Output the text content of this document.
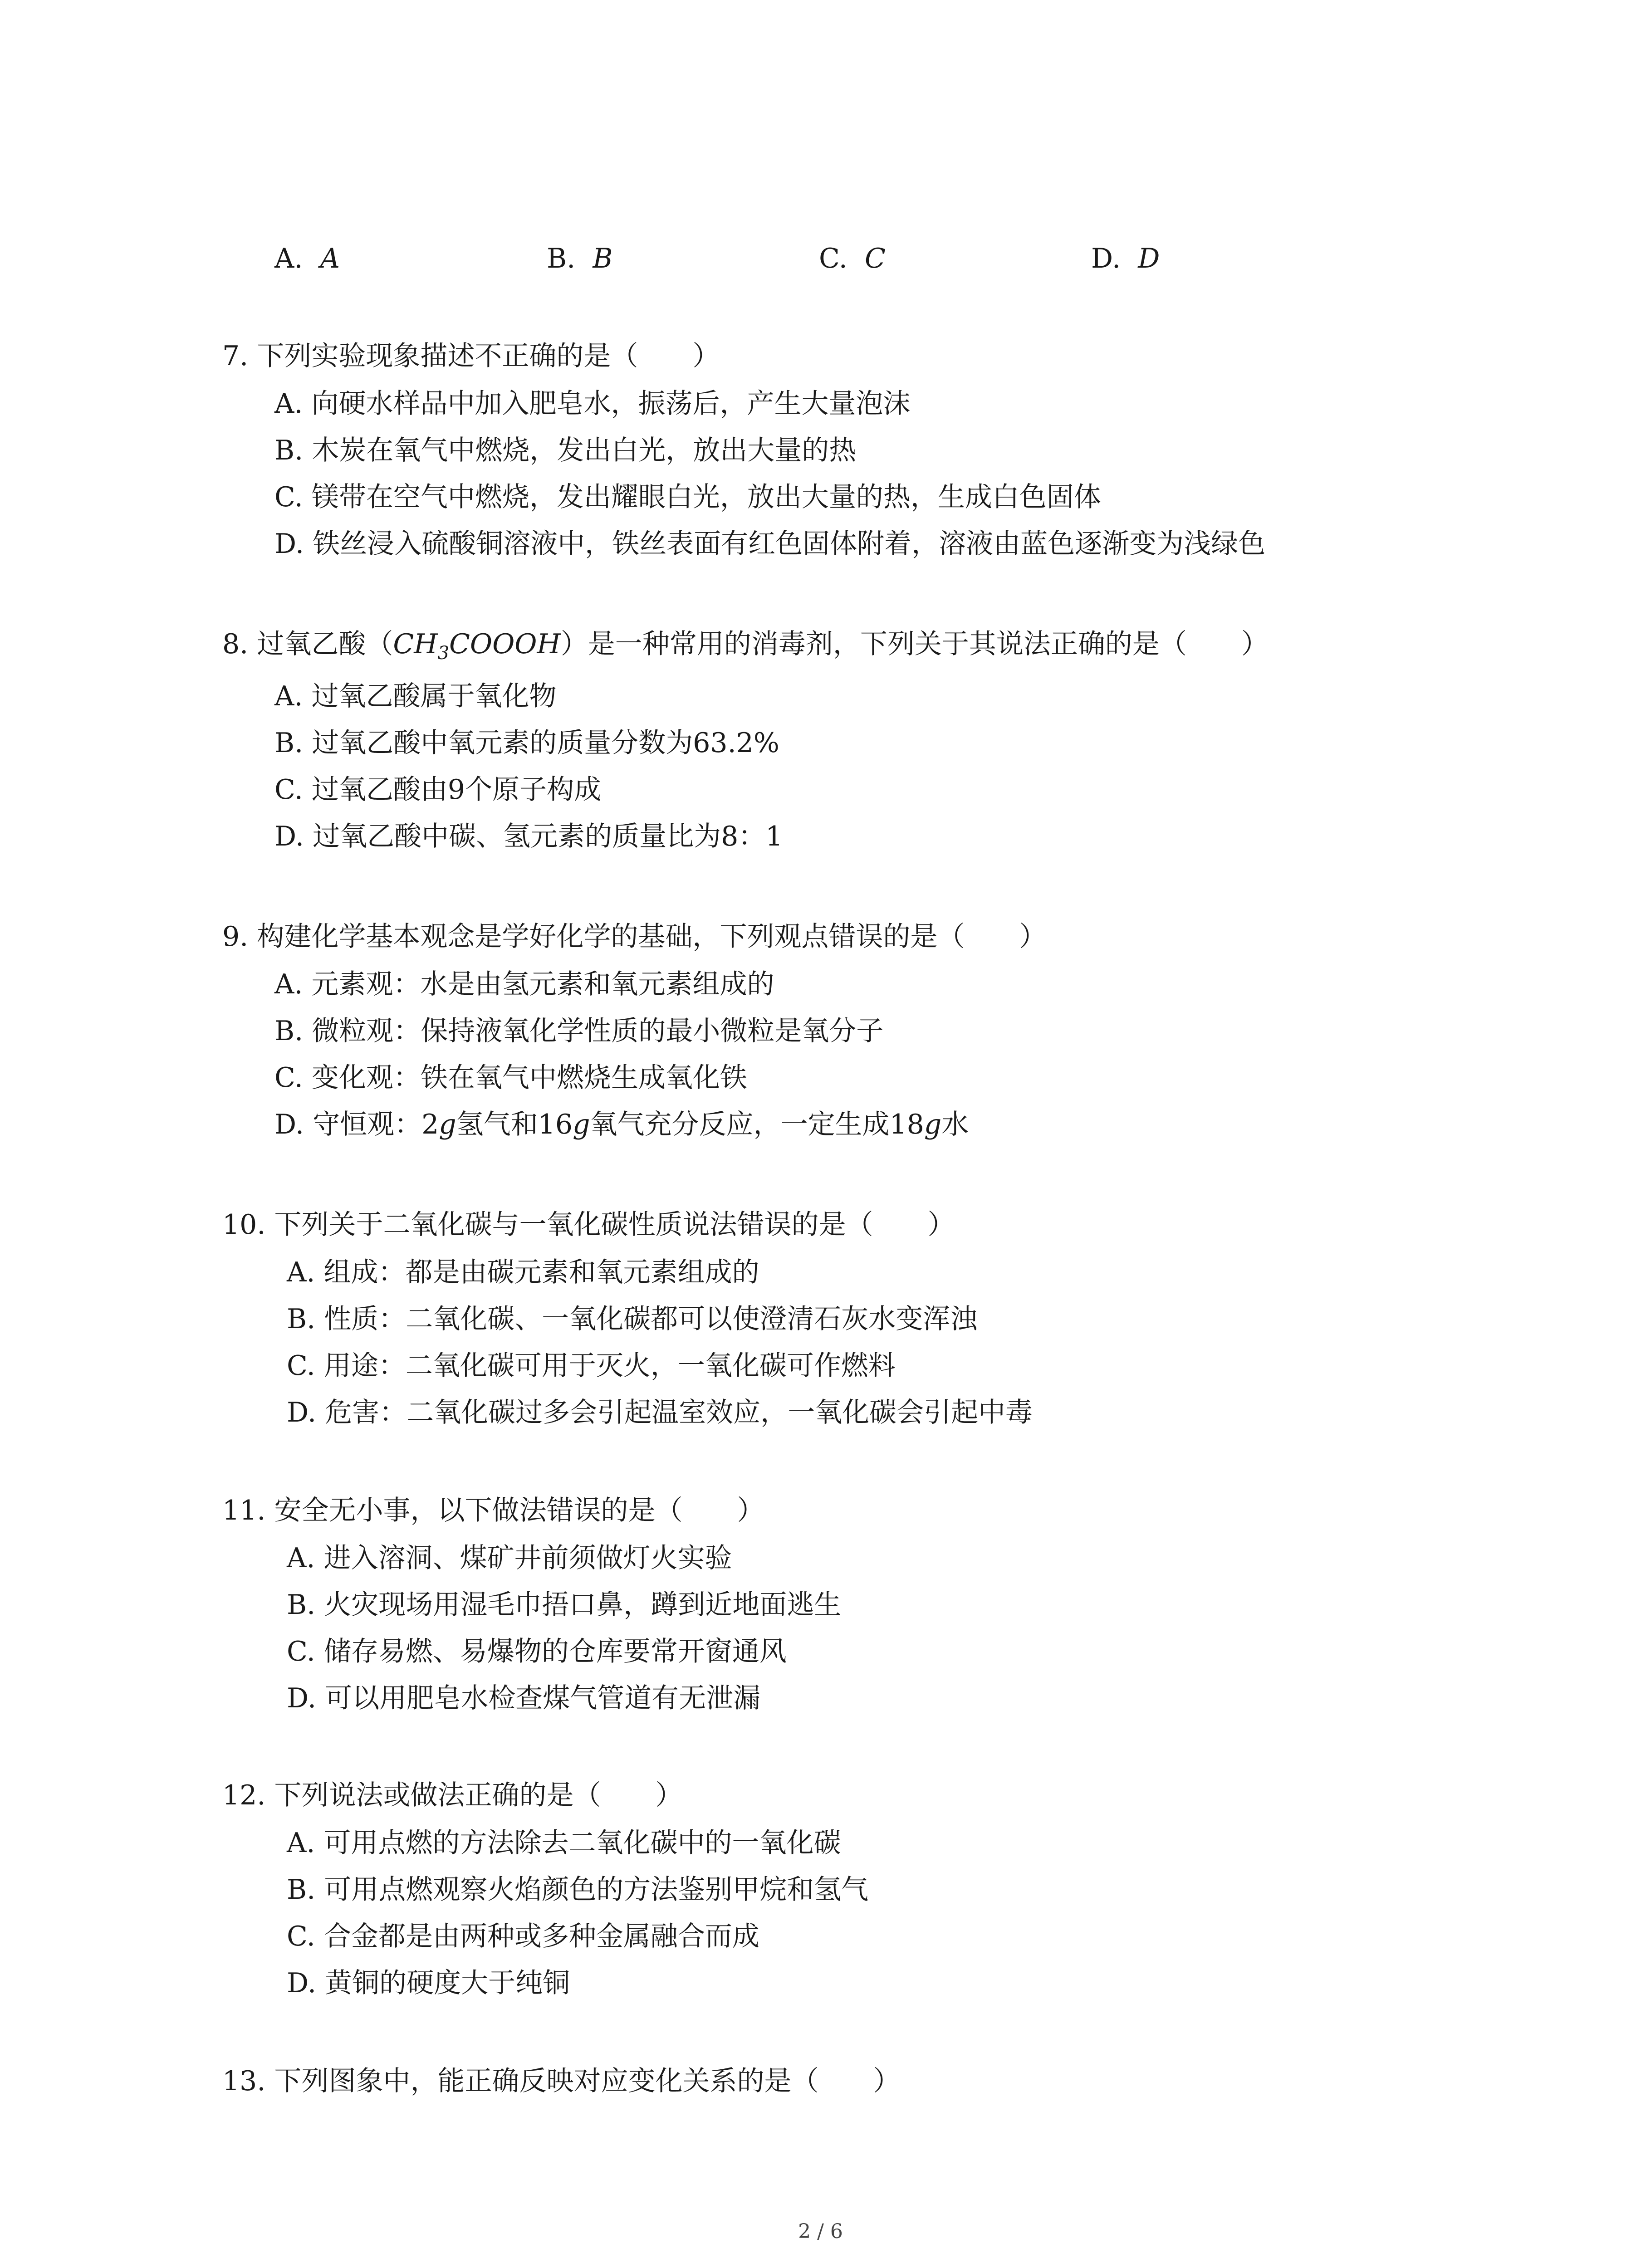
A. A	B. B	C. C	D. D
7. 下列实验现象描述不正确的是（　　）
A. 向硬水样品中加入肥皂水，振荡后，产生大量泡沫
B. 木炭在氧气中燃烧，发出白光，放出大量的热
C. 镁带在空气中燃烧，发出耀眼白光，放出大量的热，生成白色固体
D. 铁丝浸入硫酸铜溶液中，铁丝表面有红色固体附着，溶液由蓝色逐渐变为浅绿色
8. 过氧乙酸$(CH_3COOOH)$是一种常用的消毒剂，下列关于其说法正确的是（　　）
A. 过氧乙酸属于氧化物
B. 过氧乙酸中氧元素的质量分数为63.2%
C. 过氧乙酸由9个原子构成
D. 过氧乙酸中碳、氢元素的质量比为8：1
9. 构建化学基本观念是学好化学的基础，下列观点错误的是（　　）
A. 元素观：水是由氢元素和氧元素组成的
B. 微粒观：保持液氧化学性质的最小微粒是氧分子
C. 变化观：铁在氧气中燃烧生成氧化铁
D. 守恒观：2g氢气和16g氧气充分反应，一定生成18g水
10. 下列关于二氧化碳与一氧化碳性质说法错误的是（　　）
A. 组成：都是由碳元素和氧元素组成的
B. 性质：二氧化碳、一氧化碳都可以使澄清石灰水变浑浊
C. 用途：二氧化碳可用于灭火，一氧化碳可作燃料
D. 危害：二氧化碳过多会引起温室效应，一氧化碳会引起中毒
11. 安全无小事，以下做法错误的是（　　）
A. 进入溶洞、煤矿井前须做灯火实验
B. 火灾现场用湿毛巾捂口鼻，蹲到近地面逃生
C. 储存易燃、易爆物的仓库要常开窗通风
D. 可以用肥皂水检查煤气管道有无泄漏
12. 下列说法或做法正确的是（　　）
A. 可用点燃的方法除去二氧化碳中的一氧化碳
B. 可用点燃观察火焰颜色的方法鉴别甲烷和氢气
C. 合金都是由两种或多种金属融合而成
D. 黄铜的硬度大于纯铜
13. 下列图象中，能正确反映对应变化关系的是（　　）
2 / 6
